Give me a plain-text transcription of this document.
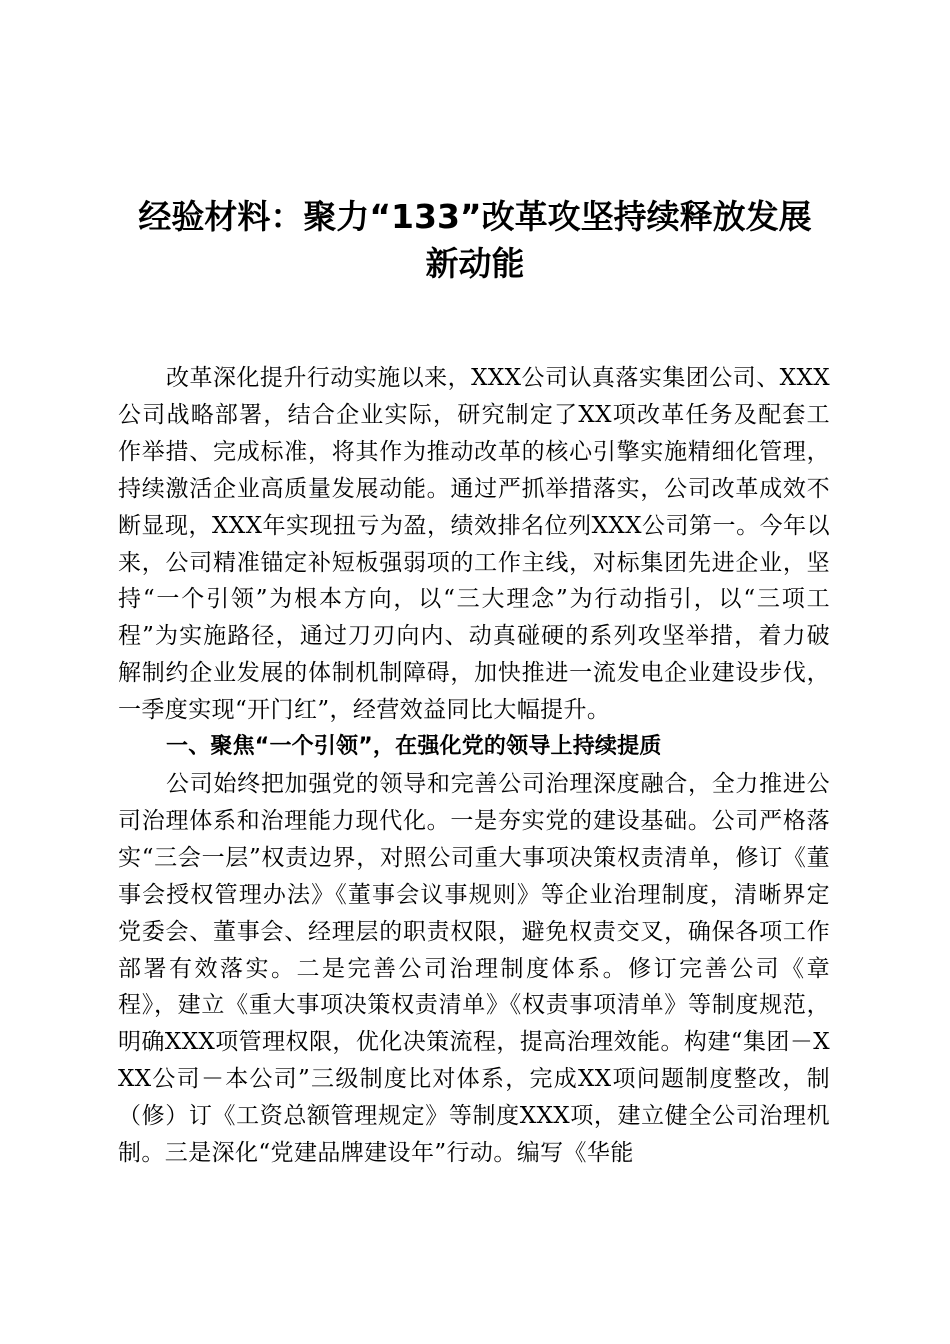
经验材料：聚力“133”改革攻坚持续释放发展
新动能

改革深化提升行动实施以来，XXX公司认真落实集团公司、XXX公司战略部署，结合企业实际，研究制定了XX项改革任务及配套工作举措、完成标准，将其作为推动改革的核心引擎实施精细化管理，持续激活企业高质量发展动能。通过严抓举措落实，公司改革成效不断显现，XXX年实现扭亏为盈，绩效排名位列XXX公司第一。今年以来，公司精准锚定补短板强弱项的工作主线，对标集团先进企业，坚持“一个引领”为根本方向，以“三大理念”为行动指引，以“三项工程”为实施路径，通过刀刃向内、动真碰硬的系列攻坚举措，着力破解制约企业发展的体制机制障碍，加快推进一流发电企业建设步伐，一季度实现“开门红”，经营效益同比大幅提升。

一、聚焦“一个引领”，在强化党的领导上持续提质

公司始终把加强党的领导和完善公司治理深度融合，全力推进公司治理体系和治理能力现代化。一是夯实党的建设基础。公司严格落实“三会一层”权责边界，对照公司重大事项决策权责清单，修订《董事会授权管理办法》《董事会议事规则》等企业治理制度，清晰界定党委会、董事会、经理层的职责权限，避免权责交叉，确保各项工作部署有效落实。二是完善公司治理制度体系。修订完善公司《章程》，建立《重大事项决策权责清单》《权责事项清单》等制度规范，明确XXX项管理权限，优化决策流程，提高治理效能。构建“集团－XXX公司－本公司”三级制度比对体系，完成XX项问题制度整改，制（修）订《工资总额管理规定》等制度XXX项，建立健全公司治理机制。三是深化“党建品牌建设年”行动。编写《华能
